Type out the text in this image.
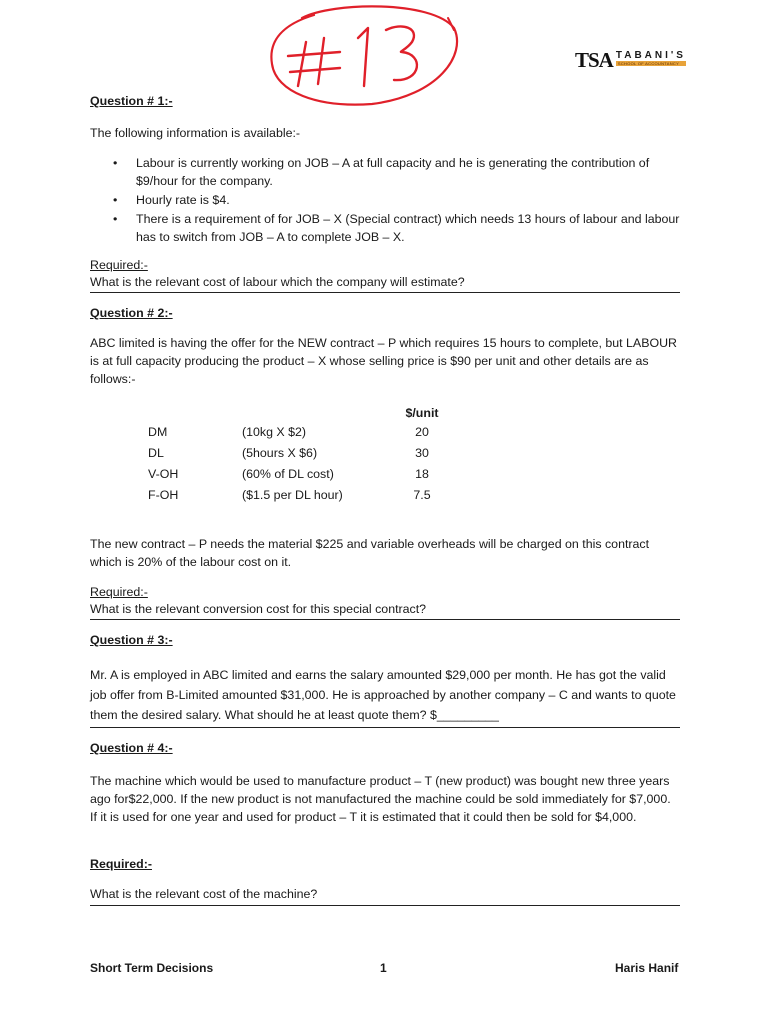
TSA TABANI'S
SCHOOL OF ACCOUNTANCY
Question # 1:-
The following information is available:-
• Labour is currently working on JOB – A at full capacity and he is generating the contribution of $9/hour for the company.
• Hourly rate is $4.
• There is a requirement of for JOB – X (Special contract) which needs 13 hours of labour and labour has to switch from JOB – A to complete JOB – X.
Required:-
What is the relevant cost of labour which the company will estimate?
Question # 2:-
ABC limited is having the offer for the NEW contract – P which requires 15 hours to complete, but LABOUR is at full capacity producing the product – X whose selling price is $90 per unit and other details are as follows:-
		$/unit
DM	(10kg X $2)	20
DL	(5hours X $6)	30
V-OH	(60% of DL cost)	18
F-OH	($1.5 per DL hour)	7.5
The new contract – P needs the material $225 and variable overheads will be charged on this contract which is 20% of the labour cost on it.
Required:-
What is the relevant conversion cost for this special contract?
Question # 3:-
Mr. A is employed in ABC limited and earns the salary amounted $29,000 per month. He has got the valid job offer from B-Limited amounted $31,000. He is approached by another company – C and wants to quote them the desired salary. What should he at least quote them? $_________
Question # 4:-
The machine which would be used to manufacture product – T (new product) was bought new three years ago for$22,000. If the new product is not manufactured the machine could be sold immediately for $7,000. If it is used for one year and used for product – T it is estimated that it could then be sold for $4,000.
Required:-
What is the relevant cost of the machine?
Short Term Decisions	1	Haris Hanif
